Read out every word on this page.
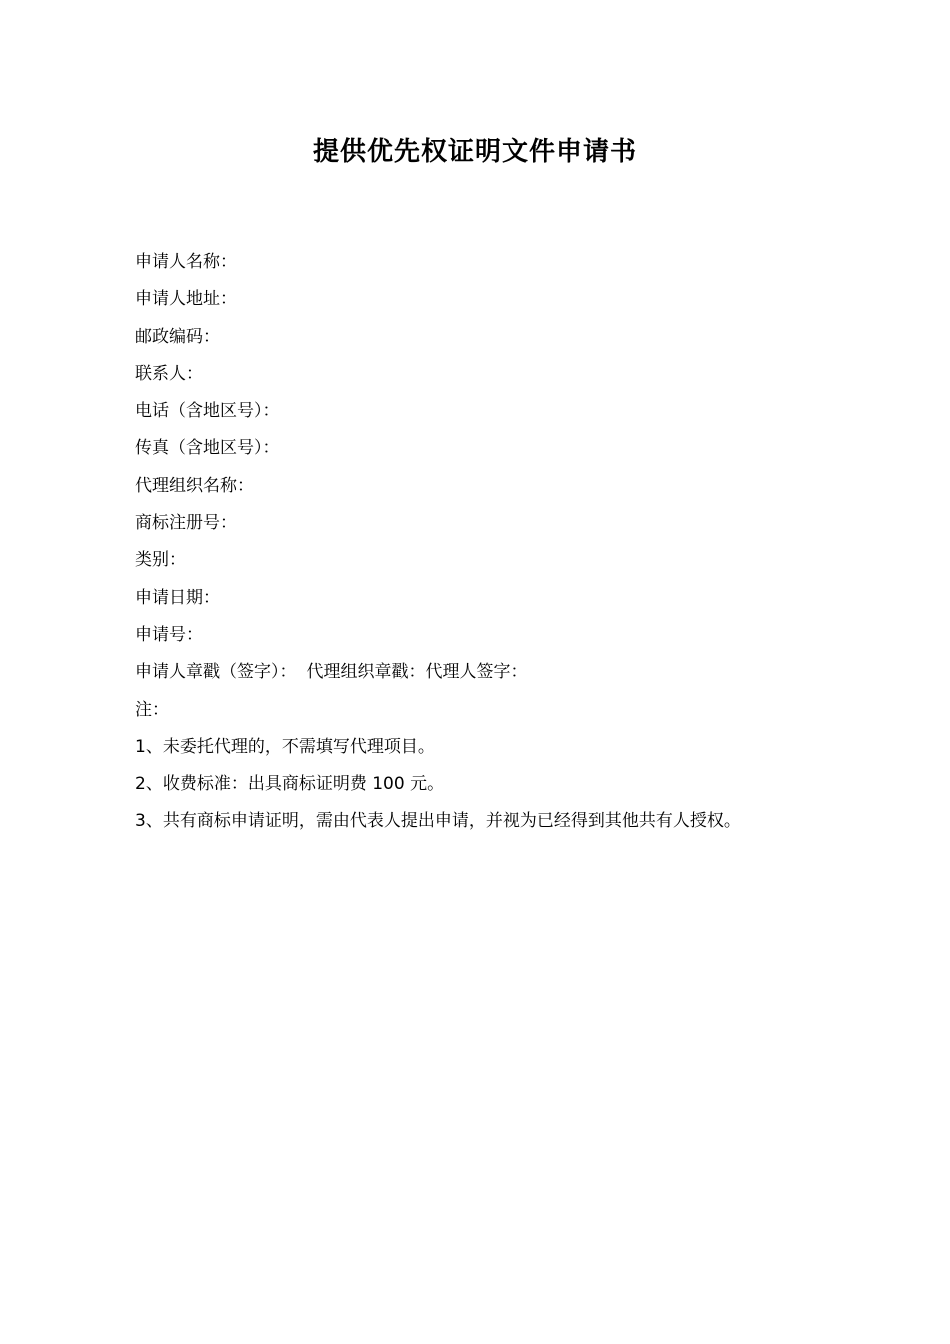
提供优先权证明文件申请书
申请人名称：
申请人地址：
邮政编码：
联系人：
电话（含地区号）：
传真（含地区号）：
代理组织名称：
商标注册号：
类别：
申请日期：
申请号：
申请人章戳（签字）： 代理组织章戳：代理人签字：
注：
1、未委托代理的，不需填写代理项目。
2、收费标准：出具商标证明费 100 元。
3、共有商标申请证明，需由代表人提出申请，并视为已经得到其他共有人授权。
